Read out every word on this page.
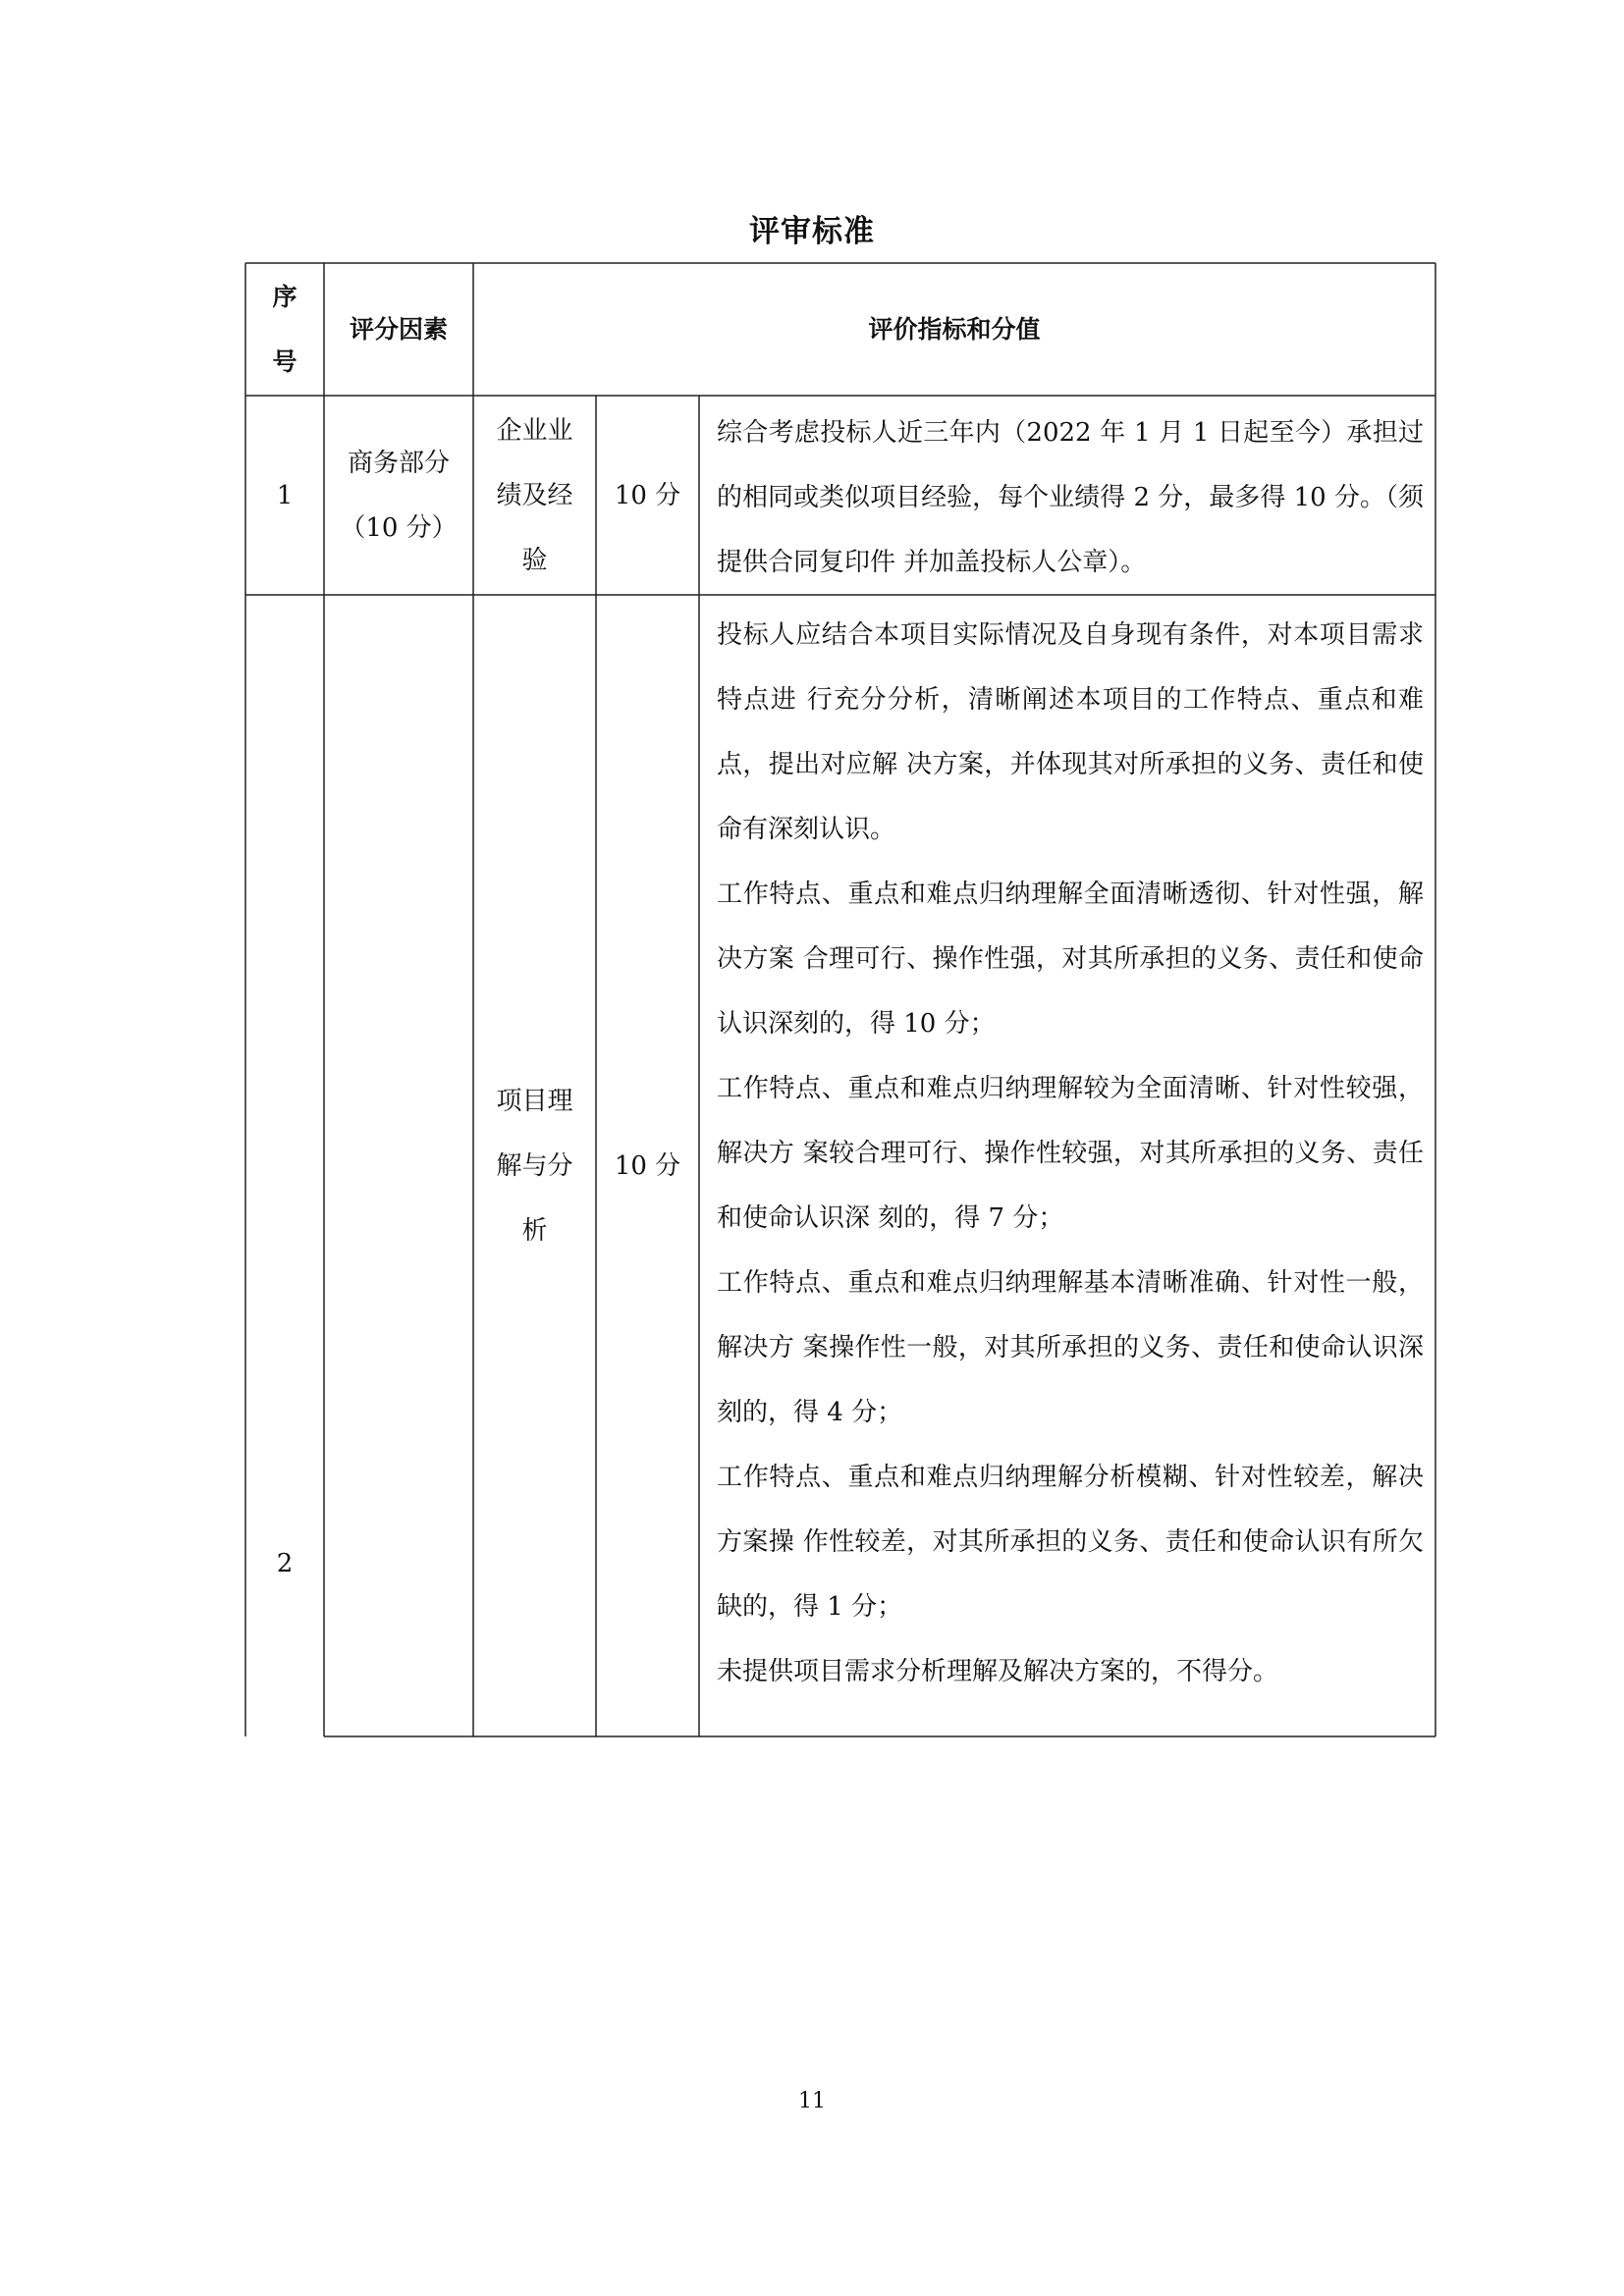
评审标准
序
号
评分因素	评价指标和分值
1
商务部分
（10 分）
企业业
绩及经
验
10 分

综合考虑投标人近三年内（2022 年 1 月 1 日起至今）承担过的相同或类似项目经验，每个业绩得 2 分，最多得 10 分。（须提供合同复印件 并加盖投标人公章）。

2
项目理
解与分
析
10 分

投标人应结合本项目实际情况及自身现有条件，对本项目需求特点进 行充分分析，清晰阐述本项目的工作特点、重点和难点，提出对应解 决方案，并体现其对所承担的义务、责任和使命有深刻认识。

工作特点、重点和难点归纳理解全面清晰透彻、针对性强，解决方案 合理可行、操作性强，对其所承担的义务、责任和使命认识深刻的，得 10 分；

工作特点、重点和难点归纳理解较为全面清晰、针对性较强，解决方 案较合理可行、操作性较强，对其所承担的义务、责任和使命认识深 刻的，得 7 分；

工作特点、重点和难点归纳理解基本清晰准确、针对性一般，解决方 案操作性一般，对其所承担的义务、责任和使命认识深刻的，得 4 分；

工作特点、重点和难点归纳理解分析模糊、针对性较差，解决方案操 作性较差，对其所承担的义务、责任和使命认识有所欠缺的，得 1 分；

未提供项目需求分析理解及解决方案的，不得分。

11
